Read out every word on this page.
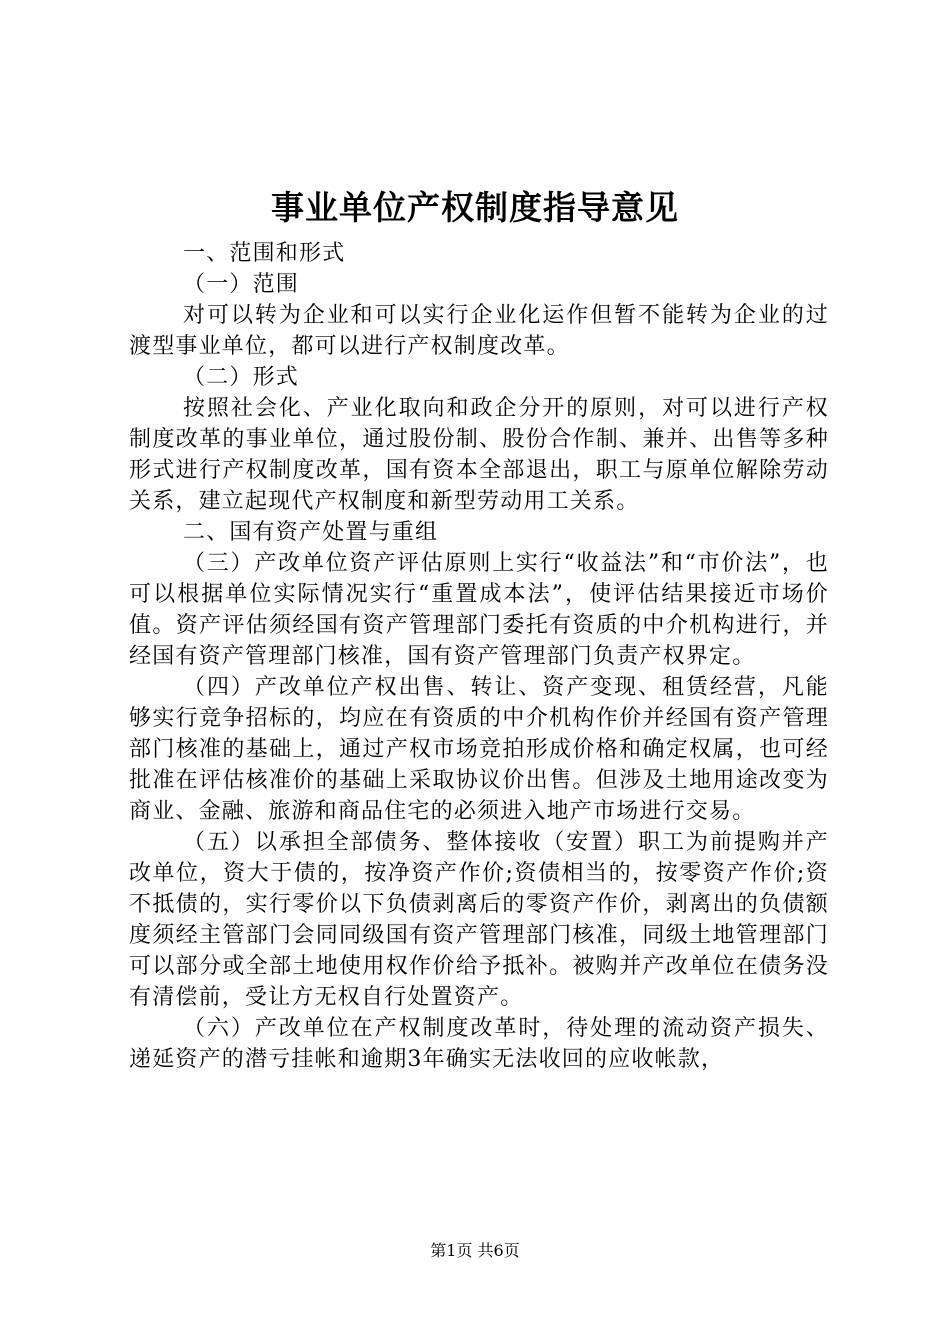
事业单位产权制度指导意见

一、范围和形式

（一）范围

对可以转为企业和可以实行企业化运作但暂不能转为企业的过渡型事业单位，都可以进行产权制度改革。

（二）形式

按照社会化、产业化取向和政企分开的原则，对可以进行产权制度改革的事业单位，通过股份制、股份合作制、兼并、出售等多种形式进行产权制度改革，国有资本全部退出，职工与原单位解除劳动关系，建立起现代产权制度和新型劳动用工关系。

二、国有资产处置与重组

（三）产改单位资产评估原则上实行“收益法”和“市价法”，也可以根据单位实际情况实行“重置成本法”，使评估结果接近市场价值。资产评估须经国有资产管理部门委托有资质的中介机构进行，并经国有资产管理部门核准，国有资产管理部门负责产权界定。

（四）产改单位产权出售、转让、资产变现、租赁经营，凡能够实行竞争招标的，均应在有资质的中介机构作价并经国有资产管理部门核准的基础上，通过产权市场竞拍形成价格和确定权属，也可经批准在评估核准价的基础上采取协议价出售。但涉及土地用途改变为商业、金融、旅游和商品住宅的必须进入地产市场进行交易。

（五）以承担全部债务、整体接收（安置）职工为前提购并产改单位，资大于债的，按净资产作价;资债相当的，按零资产作价;资不抵债的，实行零价以下负债剥离后的零资产作价，剥离出的负债额度须经主管部门会同同级国有资产管理部门核准，同级土地管理部门可以部分或全部土地使用权作价给予抵补。被购并产改单位在债务没有清偿前，受让方无权自行处置资产。

（六）产改单位在产权制度改革时，待处理的流动资产损失、递延资产的潜亏挂帐和逾期3年确实无法收回的应收帐款，

第1页 共6页
